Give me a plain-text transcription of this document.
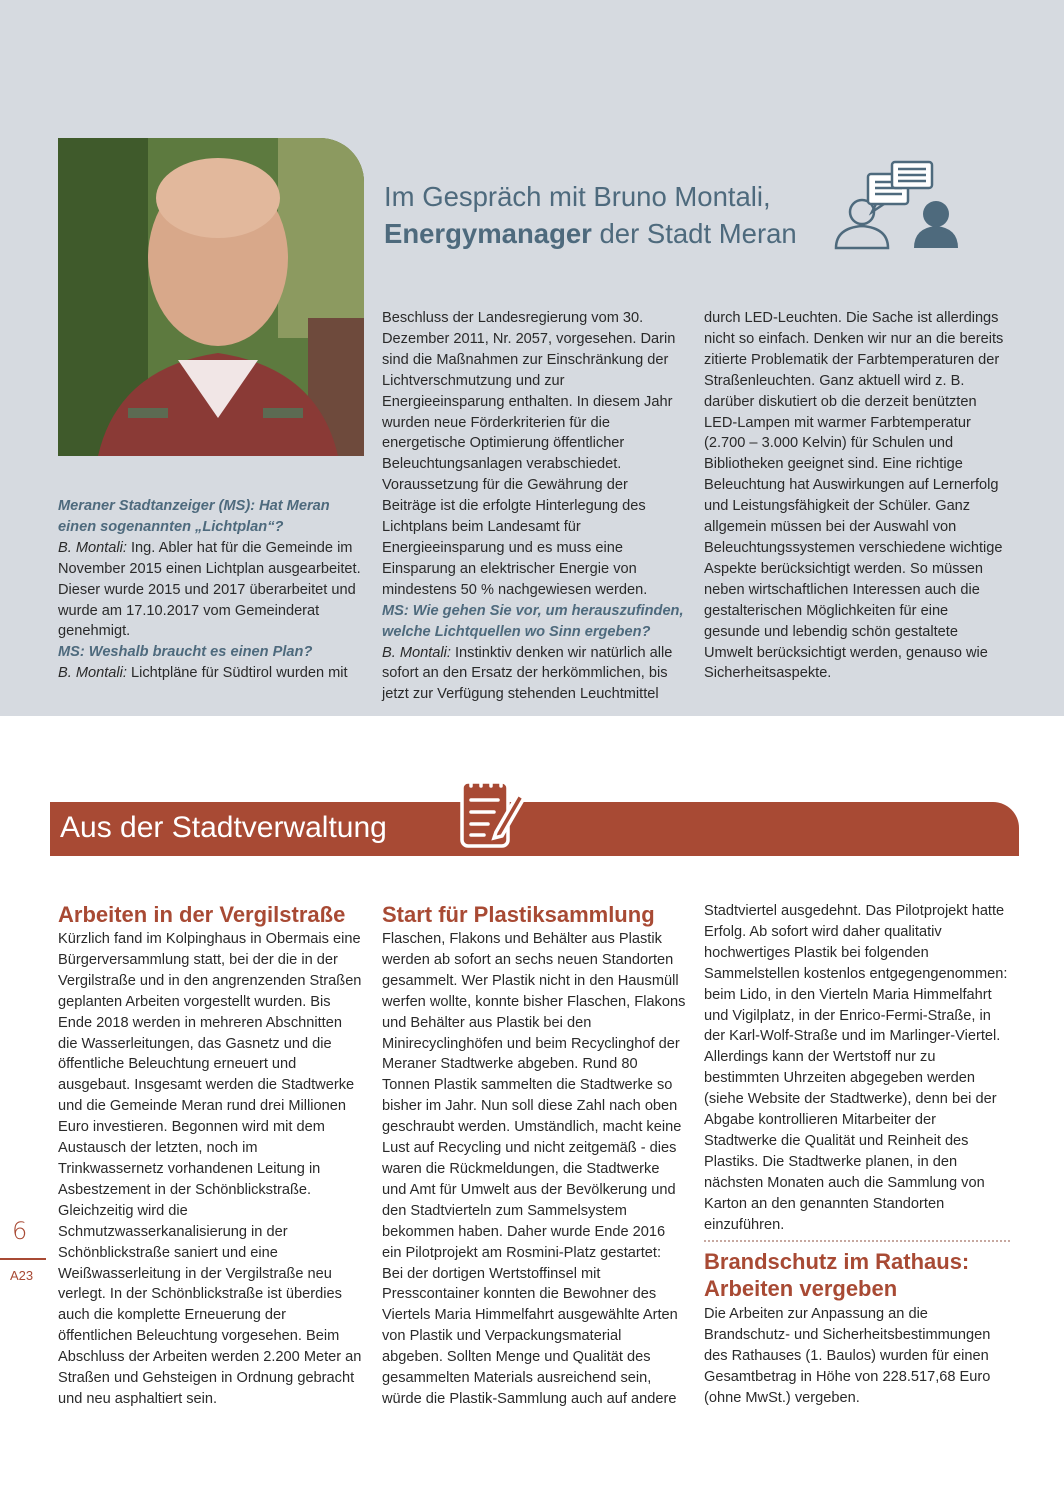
Im Gespräch mit Bruno Montali,
Energymanager der Stadt Meran

Meraner Stadtanzeiger (MS): Hat Meran einen sogenannten „Lichtplan“?

B. Montali: Ing. Abler hat für die Gemeinde im November 2015 einen Lichtplan ausgearbeitet. Dieser wurde 2015 und 2017 überarbeitet und wurde am 17.10.2017 vom Gemeinderat genehmigt.

MS: Weshalb braucht es einen Plan?

B. Montali: Lichtpläne für Südtirol wurden mit

Beschluss der Landesregierung vom 30. Dezember 2011, Nr. 2057, vorgesehen. Darin sind die Maßnahmen zur Einschränkung der Lichtverschmutzung und zur Energieeinsparung enthalten. In diesem Jahr wurden neue Förderkriterien für die energetische Optimierung öffentlicher Beleuchtungsanlagen verabschiedet. Voraussetzung für die Gewährung der Beiträge ist die erfolgte Hinterlegung des Lichtplans beim Landesamt für Energieeinsparung und es muss eine Einsparung an elektrischer Energie von mindestens 50 % nachgewiesen werden.

MS: Wie gehen Sie vor, um herauszufinden, welche Lichtquellen wo Sinn ergeben?

B. Montali: Instinktiv denken wir natürlich alle sofort an den Ersatz der herkömmlichen, bis jetzt zur Verfügung stehenden Leuchtmittel

durch LED-Leuchten. Die Sache ist allerdings nicht so einfach. Denken wir nur an die bereits zitierte Problematik der Farbtemperaturen der Straßenleuchten. Ganz aktuell wird z. B. darüber diskutiert ob die derzeit benützten LED-Lampen mit warmer Farbtemperatur (2.700 – 3.000 Kelvin) für Schulen und Bibliotheken geeignet sind. Eine richtige Beleuchtung hat Auswirkungen auf Lernerfolg und Leistungsfähigkeit der Schüler. Ganz allgemein müssen bei der Auswahl von Beleuchtungssystemen verschiedene wichtige Aspekte berücksichtigt werden. So müssen neben wirtschaftlichen Interessen auch die gestalterischen Möglichkeiten für eine gesunde und lebendig schön gestaltete Umwelt berücksichtigt werden, genauso wie Sicherheitsaspekte.

Aus der Stadtverwaltung
Arbeiten in der Vergilstraße

Kürzlich fand im Kolpinghaus in Obermais eine Bürgerversammlung statt, bei der die in der Vergilstraße und in den angrenzenden Straßen geplanten Arbeiten vorgestellt wurden. Bis Ende 2018 werden in mehreren Abschnitten die Wasserleitungen, das Gasnetz und die öffentliche Beleuchtung erneuert und ausgebaut. Insgesamt werden die Stadtwerke und die Gemeinde Meran rund drei Millionen Euro investieren. Begonnen wird mit dem Austausch der letzten, noch im Trinkwassernetz vorhandenen Leitung in Asbestzement in der Schönblickstraße. Gleichzeitig wird die Schmutzwasserkanalisierung in der Schönblickstraße saniert und eine Weißwasserleitung in der Vergilstraße neu verlegt. In der Schönblickstraße ist überdies auch die komplette Erneuerung der öffentlichen Beleuchtung vorgesehen. Beim Abschluss der Arbeiten werden 2.200 Meter an Straßen und Gehsteigen in Ordnung gebracht und neu asphaltiert sein.

Start für Plastiksammlung

Flaschen, Flakons und Behälter aus Plastik werden ab sofort an sechs neuen Standorten gesammelt. Wer Plastik nicht in den Hausmüll werfen wollte, konnte bisher Flaschen, Flakons und Behälter aus Plastik bei den Minirecyclinghöfen und beim Recyclinghof der Meraner Stadtwerke abgeben. Rund 80 Tonnen Plastik sammelten die Stadtwerke so bisher im Jahr. Nun soll diese Zahl nach oben geschraubt werden. Umständlich, macht keine Lust auf Recycling und nicht zeitgemäß - dies waren die Rückmeldungen, die Stadtwerke und Amt für Umwelt aus der Bevölkerung und den Stadtvierteln zum Sammelsystem bekommen haben. Daher wurde Ende 2016 ein Pilotprojekt am Rosmini-Platz gestartet: Bei der dortigen Wertstoffinsel mit Presscontainer konnten die Bewohner des Viertels Maria Himmelfahrt ausgewählte Arten von Plastik und Verpackungsmaterial abgeben. Sollten Menge und Qualität des gesammelten Materials ausreichend sein, würde die Plastik-Sammlung auch auf andere

Stadtviertel ausgedehnt. Das Pilotprojekt hatte Erfolg. Ab sofort wird daher qualitativ hochwertiges Plastik bei folgenden Sammelstellen kostenlos entgegengenommen: beim Lido, in den Vierteln Maria Himmelfahrt und Vigilplatz, in der Enrico-Fermi-Straße, in der Karl-Wolf-Straße und im Marlinger-Viertel. Allerdings kann der Wertstoff nur zu bestimmten Uhrzeiten abgegeben werden (siehe Website der Stadtwerke), denn bei der Abgabe kontrollieren Mitarbeiter der Stadtwerke die Qualität und Reinheit des Plastiks. Die Stadtwerke planen, in den nächsten Monaten auch die Sammlung von Karton an den genannten Standorten einzuführen.

Brandschutz im Rathaus: Arbeiten vergeben

Die Arbeiten zur Anpassung an die Brandschutz- und Sicherheitsbestimmungen des Rathauses (1. Baulos) wurden für einen Gesamtbetrag in Höhe von 228.517,68 Euro (ohne MwSt.) vergeben.

6
A23
